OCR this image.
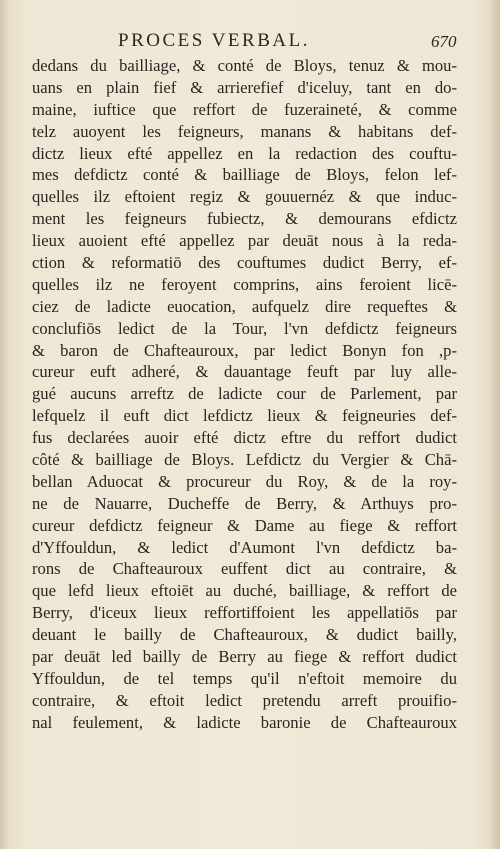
PROCES VERBAL.	670
dedans du bailliage, & conté de Bloys, tenuz & mou-
uans en plain fief & arrierefief d'iceluy, tant en do-
maine, iuftice que reffort de fuzeraineté, & comme
telz auoyent les feigneurs, manans & habitans def-
dictz lieux efté appellez en la redaction des couftu-
mes defdictz conté & bailliage de Bloys, felon lef-
quelles ilz eftoient regiz & gouuernéz & que induc-
ment les feigneurs fubiectz, & demourans efdictz
lieux auoient efté appellez par deuāt nous à la reda-
ction & reformatiō des couftumes dudict Berry, ef-
quelles ilz ne feroyent comprins, ains feroient licē-
ciez de ladicte euocation, aufquelz dire requeftes &
conclufiōs ledict de la Tour, l'vn defdictz feigneurs
& baron de Chafteauroux, par ledict Bonyn fon ,p-
cureur euft adheré, & dauantage feuft par luy alle-
gué aucuns arreftz de ladicte cour de Parlement, par
lefquelz il euft dict lefdictz lieux & feigneuries def-
fus declarées auoir efté dictz eftre du reffort dudict
côté & bailliage de Bloys. Lefdictz du Vergier & Chā-
bellan Aduocat & procureur du Roy, & de la roy-
ne de Nauarre, Ducheffe de Berry, & Arthuys pro-
cureur defdictz feigneur & Dame au fiege & reffort
d'Yffouldun, & ledict d'Aumont l'vn defdictz ba-
rons de Chafteauroux euffent dict au contraire, &
que lefd lieux eftoiēt au duché, bailliage, & reffort de
Berry, d'iceux lieux reffortiffoient les appellatiōs par
deuant le bailly de Chafteauroux, & dudict bailly,
par deuāt led bailly de Berry au fiege & reffort dudict
Yffouldun, de tel temps qu'il n'eftoit memoire du
contraire, & eftoit ledict pretendu arreft prouifio-
nal feulement, & ladicte baronie de Chafteauroux
